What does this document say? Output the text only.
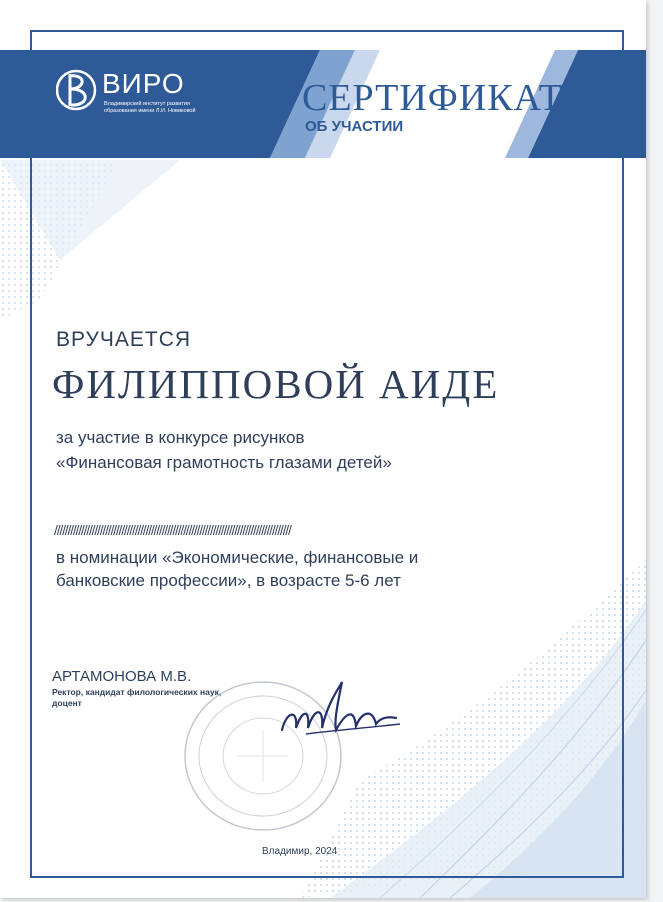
ВИРО
Владимирский институт развития образования имени Л.И. Новиковой	СЕРТИФИКАТ
ОБ УЧАСТИИ
ВРУЧАЕТСЯ
ФИЛИППОВОЙ АИДЕ
за участие в конкурсе рисунков
«Финансовая грамотность глазами детей»
////////////////////////////////////////////////////////////////////////////////////////
в номинации «Экономические, финансовые и
банковские профессии», в возрасте 5-6 лет
АРТАМОНОВА М.В.
Ректор, кандидат филологических наук, доцент
Владимир, 2024
